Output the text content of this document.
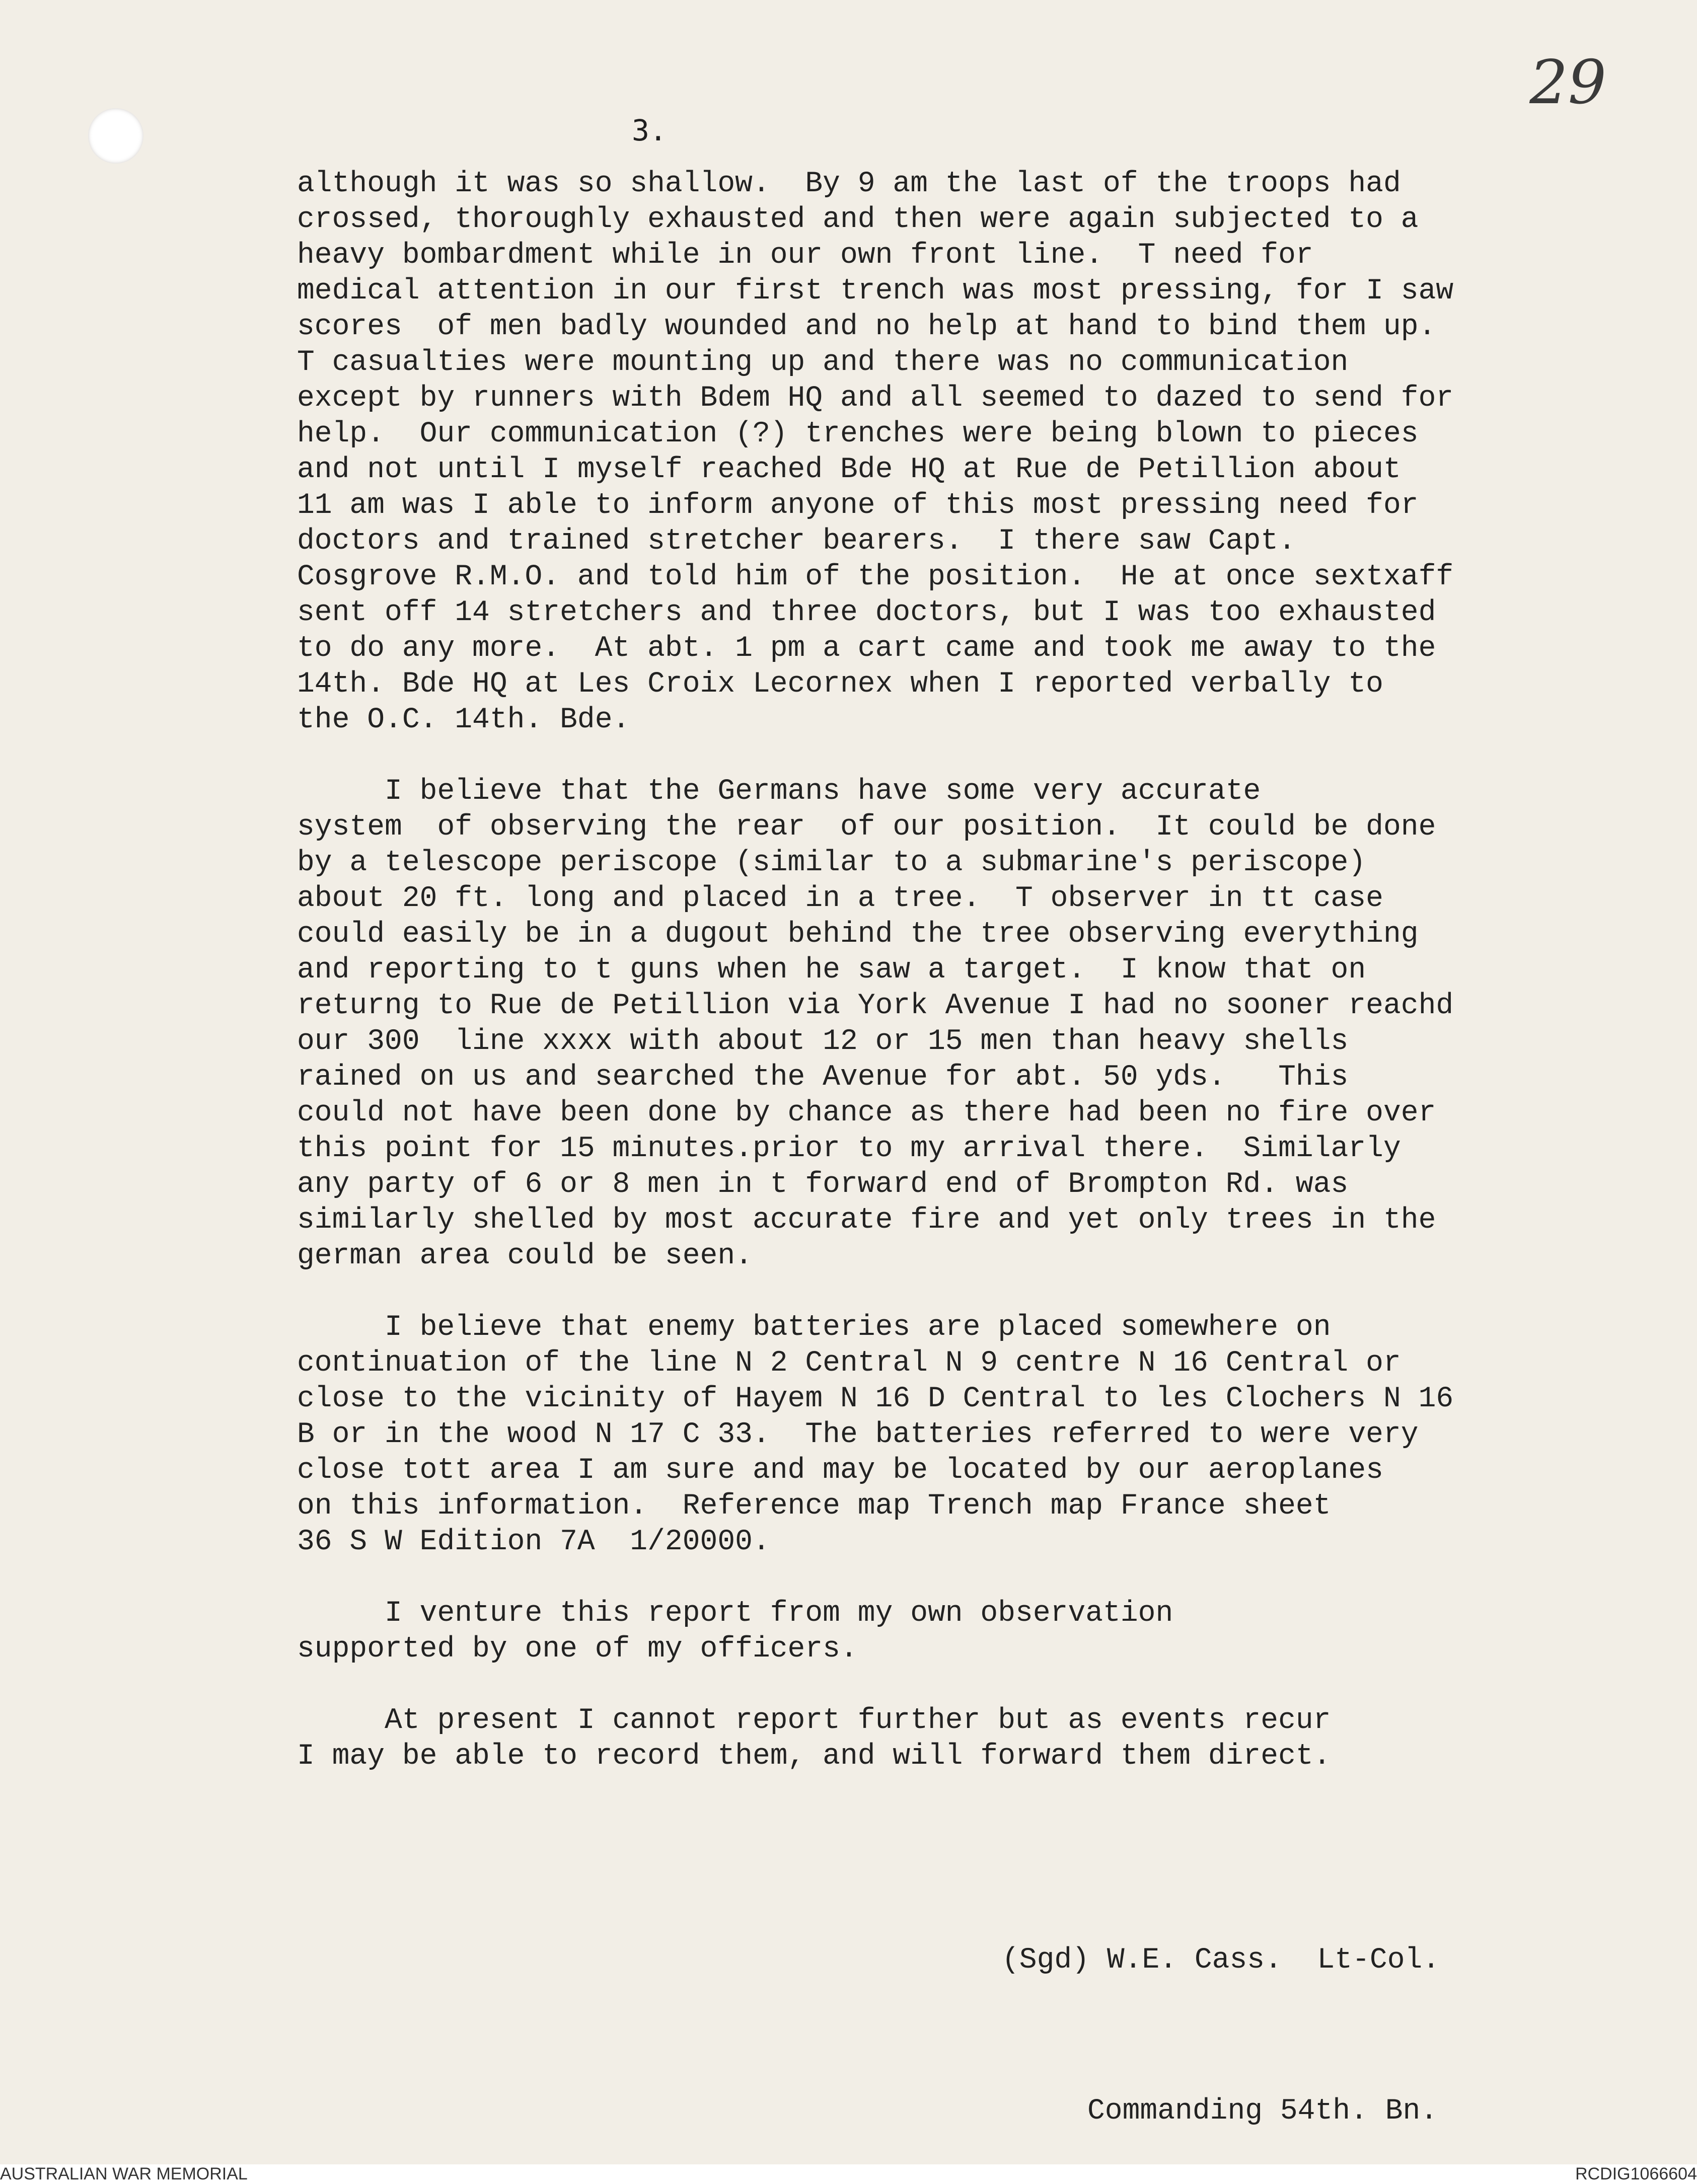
29
3.
although it was so shallow.  By 9 am the last of the troops had
crossed, thoroughly exhausted and then were again subjected to a
heavy bombardment while in our own front line.  T need for
medical attention in our first trench was most pressing, for I saw
scores  of men badly wounded and no help at hand to bind them up.
T casualties were mounting up and there was no communication
except by runners with Bdem HQ and all seemed to dazed to send for
help.  Our communication (?) trenches were being blown to pieces
and not until I myself reached Bde HQ at Rue de Petillion about
11 am was I able to inform anyone of this most pressing need for
doctors and trained stretcher bearers.  I there saw Capt.
Cosgrove R.M.O. and told him of the position.  He at once sextxaff
sent off 14 stretchers and three doctors, but I was too exhausted
to do any more.  At abt. 1 pm a cart came and took me away to the
14th. Bde HQ at Les Croix Lecornex when I reported verbally to
the O.C. 14th. Bde.
I believe that the Germans have some very accurate
system  of observing the rear  of our position.  It could be done
by a telescope periscope (similar to a submarine's periscope)
about 20 ft. long and placed in a tree.  T observer in tt case
could easily be in a dugout behind the tree observing everything
and reporting to t guns when he saw a target.  I know that on
returng to Rue de Petillion via York Avenue I had no sooner reachd
our 300  line xxxx with about 12 or 15 men than heavy shells
rained on us and searched the Avenue for abt. 50 yds.   This
could not have been done by chance as there had been no fire over
this point for 15 minutes.prior to my arrival there.  Similarly
any party of 6 or 8 men in t forward end of Brompton Rd. was
similarly shelled by most accurate fire and yet only trees in the
german area could be seen.
I believe that enemy batteries are placed somewhere on
continuation of the line N 2 Central N 9 centre N 16 Central or
close to the vicinity of Hayem N 16 D Central to les Clochers N 16
B or in the wood N 17 C 33.  The batteries referred to were very
close tott area I am sure and may be located by our aeroplanes
on this information.  Reference map Trench map France sheet
36 S W Edition 7A  1/20000.
I venture this report from my own observation
supported by one of my officers.
At present I cannot report further but as events recur
I may be able to record them, and will forward them direct.

(Sgd) W.E. Cass.  Lt-Col.

Commanding 54th. Bn.

AUSTRALIAN WAR MEMORIAL	RCDIG1066604
